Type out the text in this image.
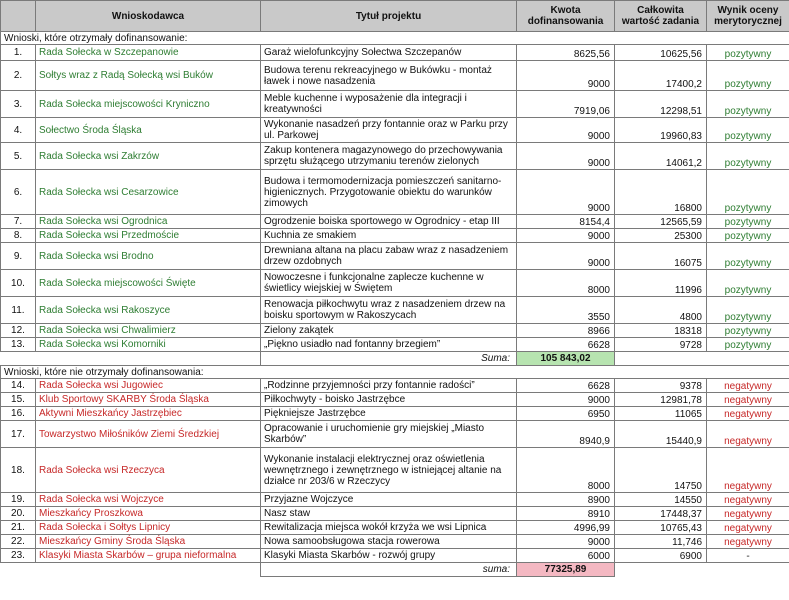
	Wnioskodawca	Tytuł projektu	Kwota dofinansowania	Całkowita wartość zadania	Wynik oceny merytorycznej
Wnioski, które otrzymały dofinansowanie:					
1.	Rada Sołecka w Szczepanowie	Garaż wielofunkcyjny Sołectwa Szczepanów	8625,56	10625,56	pozytywny
2.	Sołtys wraz z Radą Sołecką wsi Buków	Budowa terenu rekreacyjnego w Bukówku - montaż ławek i nowe nasadzenia	9000	17400,2	pozytywny
3.	Rada Sołecka miejscowości Kryniczno	Meble kuchenne i wyposażenie dla integracji i kreatywności	7919,06	12298,51	pozytywny
4.	Sołectwo Środa Śląska	Wykonanie nasadzeń przy fontannie oraz w Parku przy ul. Parkowej	9000	19960,83	pozytywny
5.	Rada Sołecka wsi Zakrzów	Zakup kontenera magazynowego do przechowywania sprzętu służącego utrzymaniu terenów zielonych	9000	14061,2	pozytywny
6.	Rada Sołecka wsi Cesarzowice	Budowa i termomodernizacja pomieszczeń sanitarno-higienicznych. Przygotowanie obiektu do warunków zimowych	9000	16800	pozytywny
7.	Rada Sołecka wsi Ogrodnica	Ogrodzenie boiska sportowego w Ogrodnicy - etap III	8154,4	12565,59	pozytywny
8.	Rada Sołecka wsi Przedmoście	Kuchnia ze smakiem	9000	25300	pozytywny
9.	Rada Sołecka wsi Brodno	Drewniana altana na placu zabaw wraz z nasadzeniem drzew ozdobnych	9000	16075	pozytywny
10.	Rada Sołecka miejscowości Święte	Nowoczesne i funkcjonalne zaplecze kuchenne w świetlicy wiejskiej w Świętem	8000	11996	pozytywny
11.	Rada Sołecka wsi Rakoszyce	Renowacja piłkochwytu wraz z nasadzeniem drzew na boisku sportowym w Rakoszycach	3550	4800	pozytywny
12.	Rada Sołecka wsi Chwalimierz	Zielony zakątek	8966	18318	pozytywny
13.	Rada Sołecka wsi Komorniki	„Piękno usiadło nad fontanny brzegiem”	6628	9728	pozytywny
		Suma:	105 843,02		
Wnioski, które nie otrzymały dofinansowania:					
14.	Rada Sołecka wsi Jugowiec	„Rodzinne przyjemności przy fontannie radości”	6628	9378	negatywny
15.	Klub Sportowy SKARBY Środa Śląska	Piłkochwyty - boisko Jastrzębce	9000	12981,78	negatywny
16.	Aktywni Mieszkańcy Jastrzębiec	Piękniejsze Jastrzębce	6950	11065	negatywny
17.	Towarzystwo Miłośników Ziemi Średzkiej	Opracowanie i uruchomienie gry miejskiej „Miasto Skarbów”	8940,9	15440,9	negatywny
18.	Rada Sołecka wsi Rzeczyca	Wykonanie instalacji elektrycznej oraz oświetlenia wewnętrznego i zewnętrznego w istniejącej altanie na działce nr 203/6 w Rzeczycy	8000	14750	negatywny
19.	Rada Sołecka wsi Wojczyce	Przyjazne Wojczyce	8900	14550	negatywny
20.	Mieszkańcy Proszkowa	Nasz staw	8910	17448,37	negatywny
21.	Rada Sołecka i Sołtys Lipnicy	Rewitalizacja miejsca wokół krzyża we wsi Lipnica	4996,99	10765,43	negatywny
22.	Mieszkańcy Gminy Środa Śląska	Nowa samoobsługowa stacja rowerowa	9000	11,746	negatywny
23.	Klasyki Miasta Skarbów – grupa nieformalna	Klasyki Miasta Skarbów - rozwój grupy	6000	6900	-
		suma:	77325,89		
